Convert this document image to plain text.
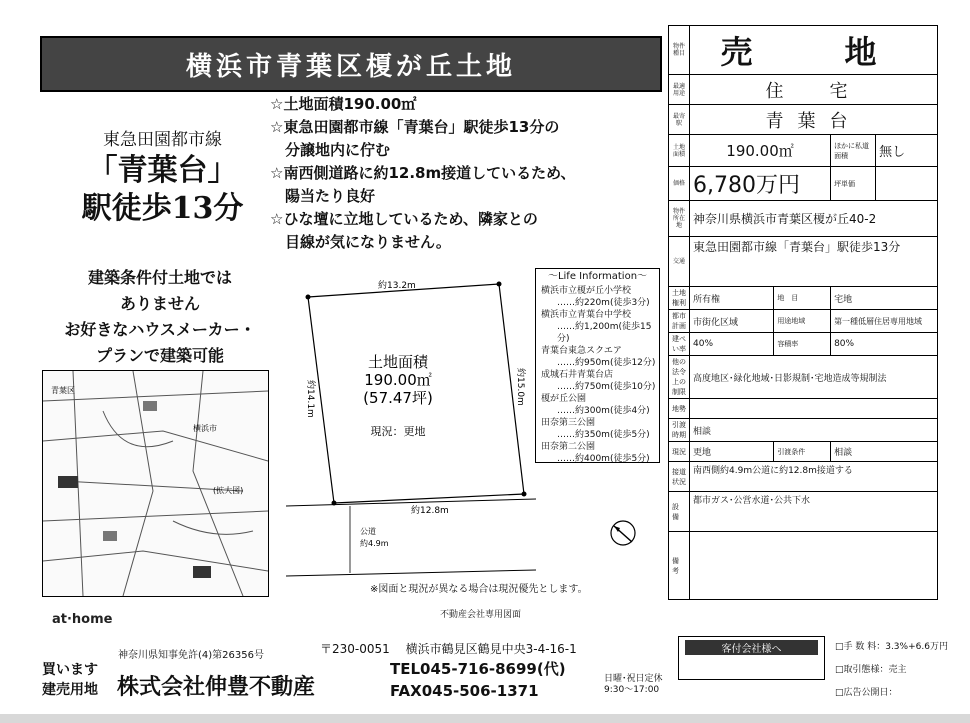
横浜市青葉区榎が丘土地
東急田園都市線
「青葉台」
駅徒歩13分
建築条件付土地では
ありません
お好きなハウスメーカー・
プランで建築可能
☆土地面積190.00㎡
☆東急田園都市線「青葉台」駅徒歩13分の
　分譲地内に佇む
☆南西側道路に約12.8m接道しているため、
　陽当たり良好
☆ひな壇に立地しているため、隣家との
　目線が気になりません。
約13.2m
約14.1m	約15.0m
約12.8m
土地面積
190.00㎡
(57.47坪)
現況：更地
公道
約4.9m
～Life Information～
横浜市立榎が丘小学校
……約220m(徒歩3分)
横浜市立青葉台中学校
……約1,200m(徒歩15分)
青葉台東急スクエア
……約950m(徒歩12分)
成城石井青葉台店
……約750m(徒歩10分)
榎が丘公園
……約300m(徒歩4分)
田奈第三公園
……約350m(徒歩5分)
田奈第二公園
……約400m(徒歩5分)
(拡大図)
青葉区
横浜市
※図面と現況が異なる場合は現況優先とします。
不動産会社専用図面
at·home
物件種目	売　地			
最適用途	住　宅			
最寄駅	青葉台			
土地面積	190.00㎡		ほかに私道面積	無し
価格	6,780万円		坪単価	
物件所在地	神奈川県横浜市青葉区榎が丘40-2			
交通	東急田園都市線「青葉台」駅徒歩13分			
土地権利	所有権	地　目	宅地	
都市計画	市街化区域	用途地域	第一種低層住居専用地域	
建ぺい率	40%	容積率	80%	
他の法令上の制限	高度地区･緑化地域･日影規制･宅地造成等規制法			
地勢				
引渡時期	相談			
現況	更地	引渡条件	相談	
接道状況	南西側約4.9m公道に約12.8m接道する			
設　備	都市ガス･公営水道･公共下水			
備　考				
神奈川県知事免許(4)第26356号
買います
建売用地 株式会社伸豊不動産
〒230-0051 横浜市鶴見区鶴見中央3-4-16-1
TEL045-716-8699(代)
FAX045-506-1371
日曜･祝日定休
9:30～17:00
客付会社様へ	□手 数 料：3.3%+6.6万円
□取引態様：売主
□広告公開日：
